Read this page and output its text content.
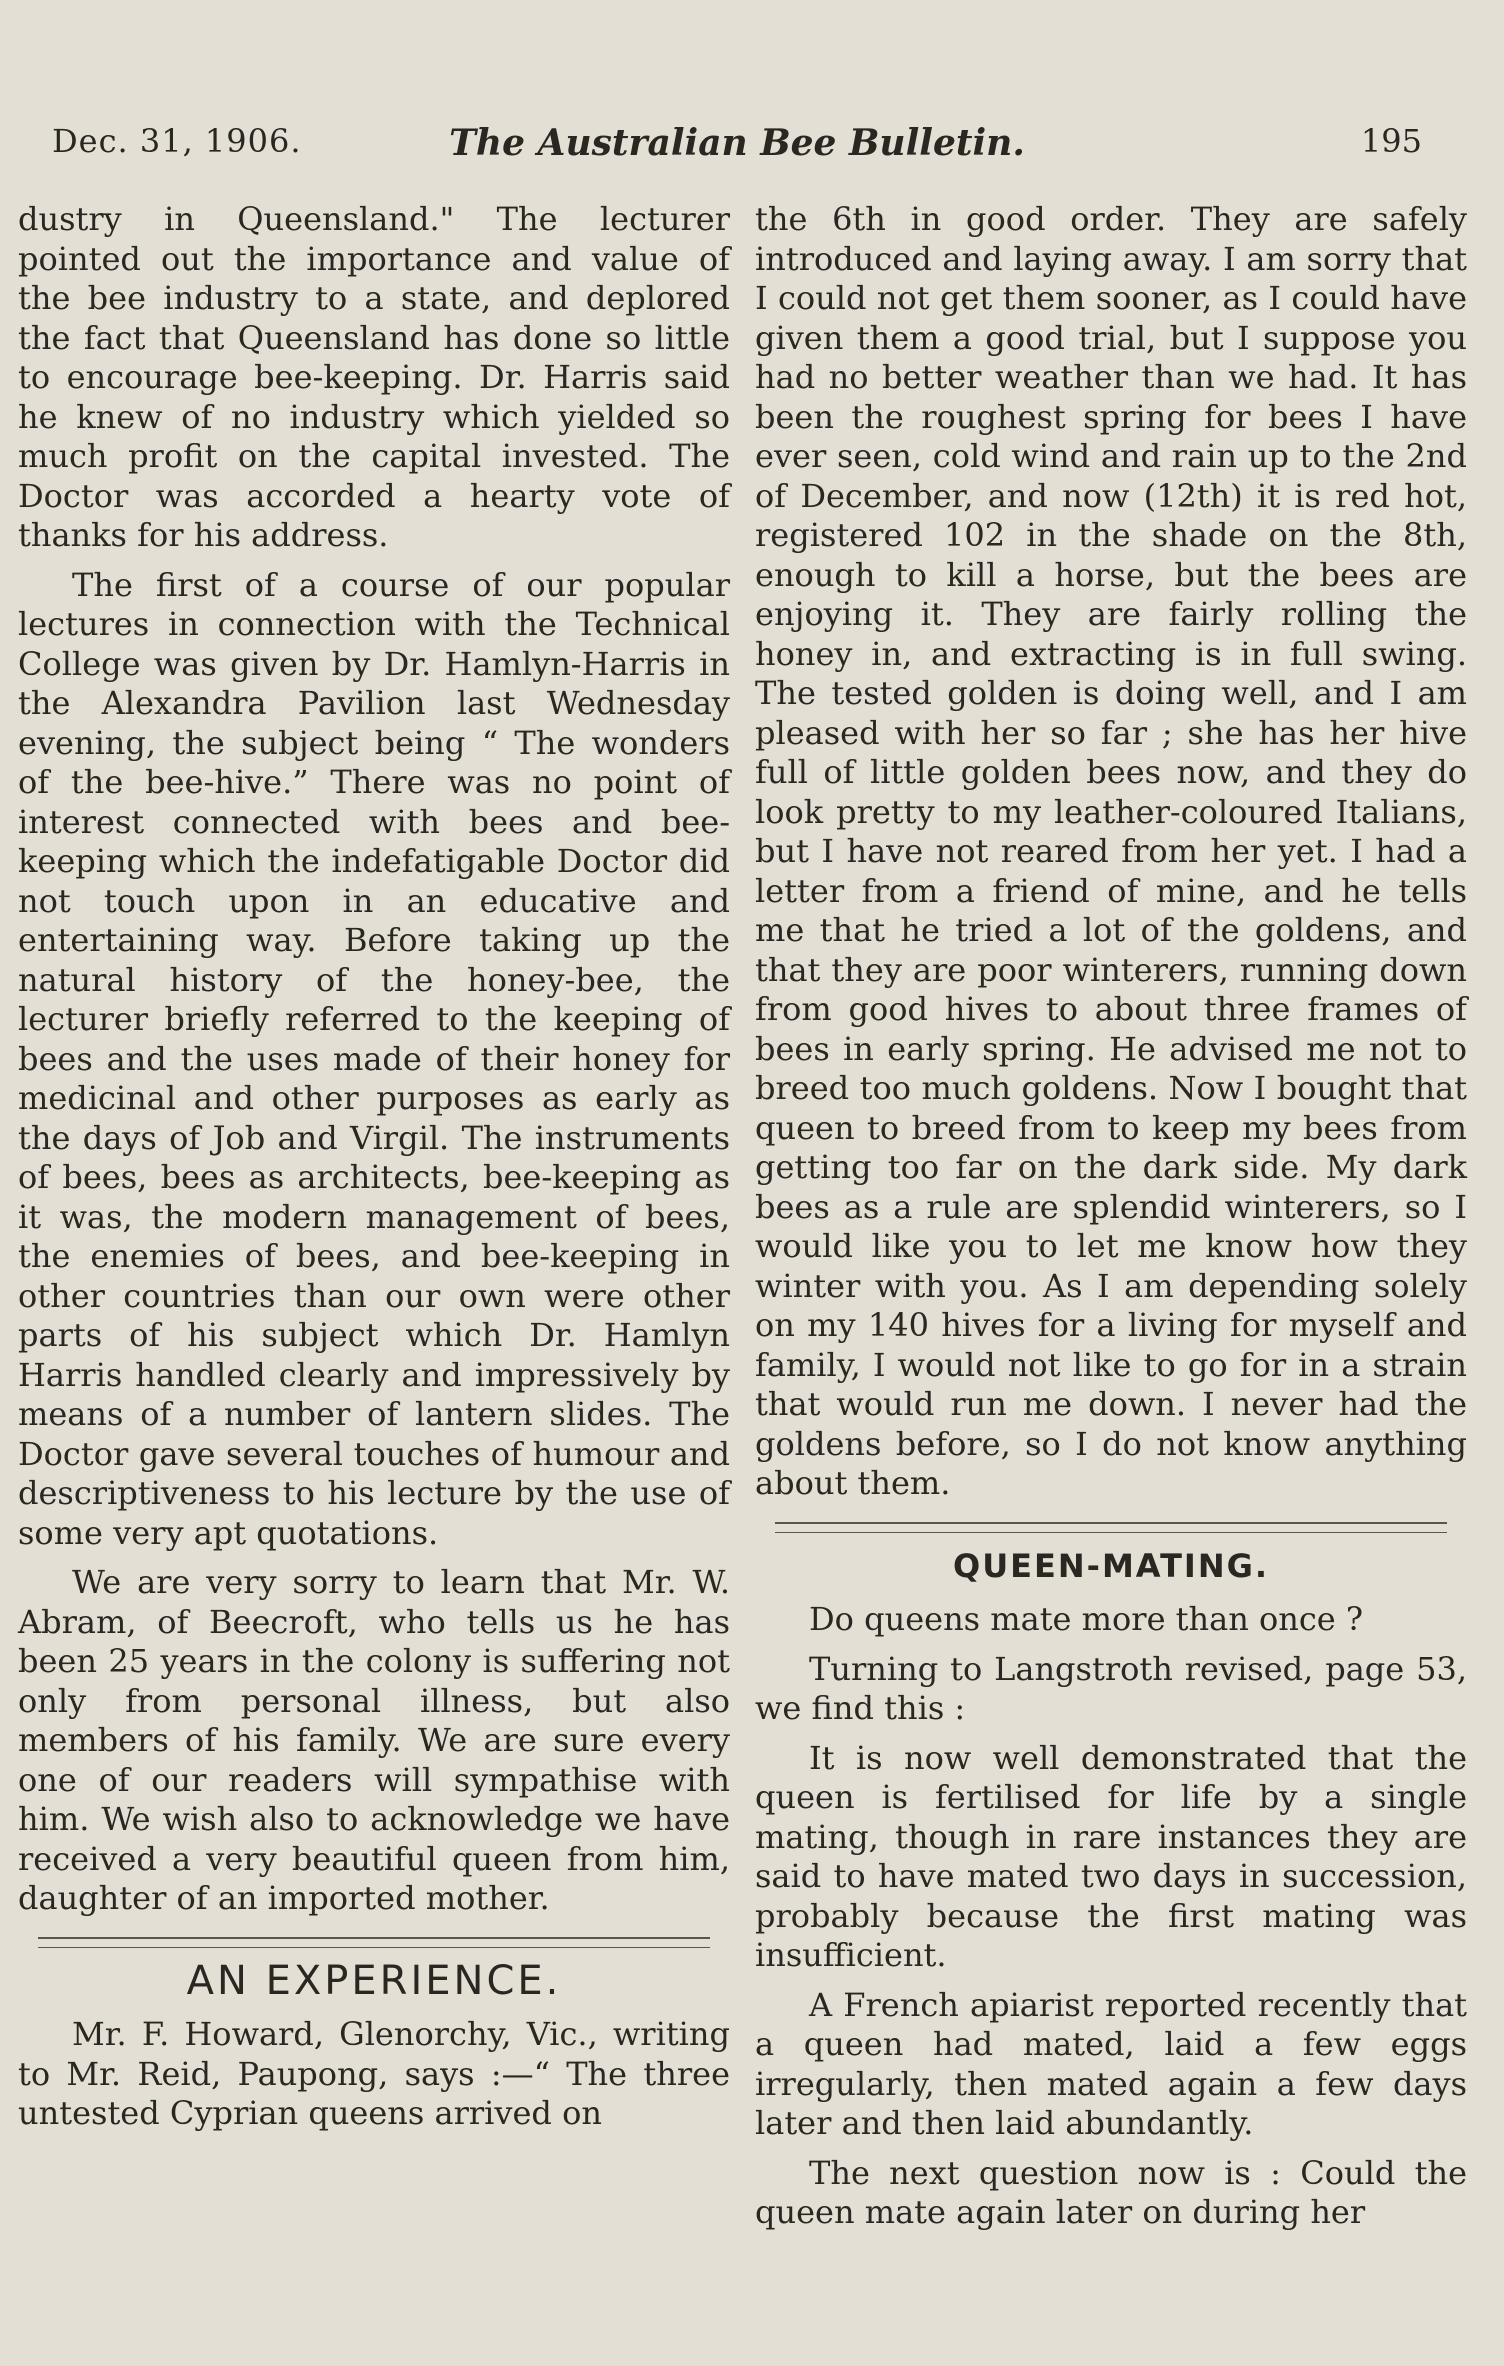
The Australian Bee Bulletin.
Dec. 31, 1906.	195

dustry in Queensland." The lecturer pointed out the importance and value of the bee industry to a state, and deplored the fact that Queensland has done so little to encourage bee-keeping. Dr. Harris said he knew of no industry which yielded so much profit on the capital invested. The Doctor was accorded a hearty vote of thanks for his address.

The first of a course of our popular lectures in connection with the Technical College was given by Dr. Hamlyn-Harris in the Alexandra Pavilion last Wednesday evening, the subject being “ The wonders of the bee-hive.” There was no point of interest connected with bees and bee-keeping which the indefatigable Doctor did not touch upon in an educative and entertaining way. Before taking up the natural history of the honey-bee, the lecturer briefly referred to the keeping of bees and the uses made of their honey for medicinal and other purposes as early as the days of Job and Virgil. The instruments of bees, bees as architects, bee-keeping as it was, the modern management of bees, the enemies of bees, and bee-keeping in other countries than our own were other parts of his subject which Dr. Hamlyn Harris handled clearly and impressively by means of a number of lantern slides. The Doctor gave several touches of humour and descriptiveness to his lecture by the use of some very apt quotations.

We are very sorry to learn that Mr. W. Abram, of Beecroft, who tells us he has been 25 years in the colony is suffering not only from personal illness, but also members of his family. We are sure every one of our readers will sympathise with him. We wish also to acknowledge we have received a very beautiful queen from him, daughter of an imported mother.

AN EXPERIENCE.

Mr. F. Howard, Glenorchy, Vic., writing to Mr. Reid, Paupong, says :—“ The three untested Cyprian queens arrived on

the 6th in good order. They are safely introduced and laying away. I am sorry that I could not get them sooner, as I could have given them a good trial, but I suppose you had no better weather than we had. It has been the roughest spring for bees I have ever seen, cold wind and rain up to the 2nd of December, and now (12th) it is red hot, registered 102 in the shade on the 8th, enough to kill a horse, but the bees are enjoying it. They are fairly rolling the honey in, and extracting is in full swing. The tested golden is doing well, and I am pleased with her so far ; she has her hive full of little golden bees now, and they do look pretty to my leather-coloured Italians, but I have not reared from her yet. I had a letter from a friend of mine, and he tells me that he tried a lot of the goldens, and that they are poor winterers, running down from good hives to about three frames of bees in early spring. He advised me not to breed too much goldens. Now I bought that queen to breed from to keep my bees from getting too far on the dark side. My dark bees as a rule are splendid winterers, so I would like you to let me know how they winter with you. As I am depending solely on my 140 hives for a living for myself and family, I would not like to go for in a strain that would run me down. I never had the goldens before, so I do not know anything about them.

QUEEN-MATING.

Do queens mate more than once ?

Turning to Langstroth revised, page 53, we find this :

It is now well demonstrated that the queen is fertilised for life by a single mating, though in rare instances they are said to have mated two days in succession, probably because the first mating was insufficient.

A French apiarist reported recently that a queen had mated, laid a few eggs irregularly, then mated again a few days later and then laid abundantly.

The next question now is : Could the queen mate again later on during her
